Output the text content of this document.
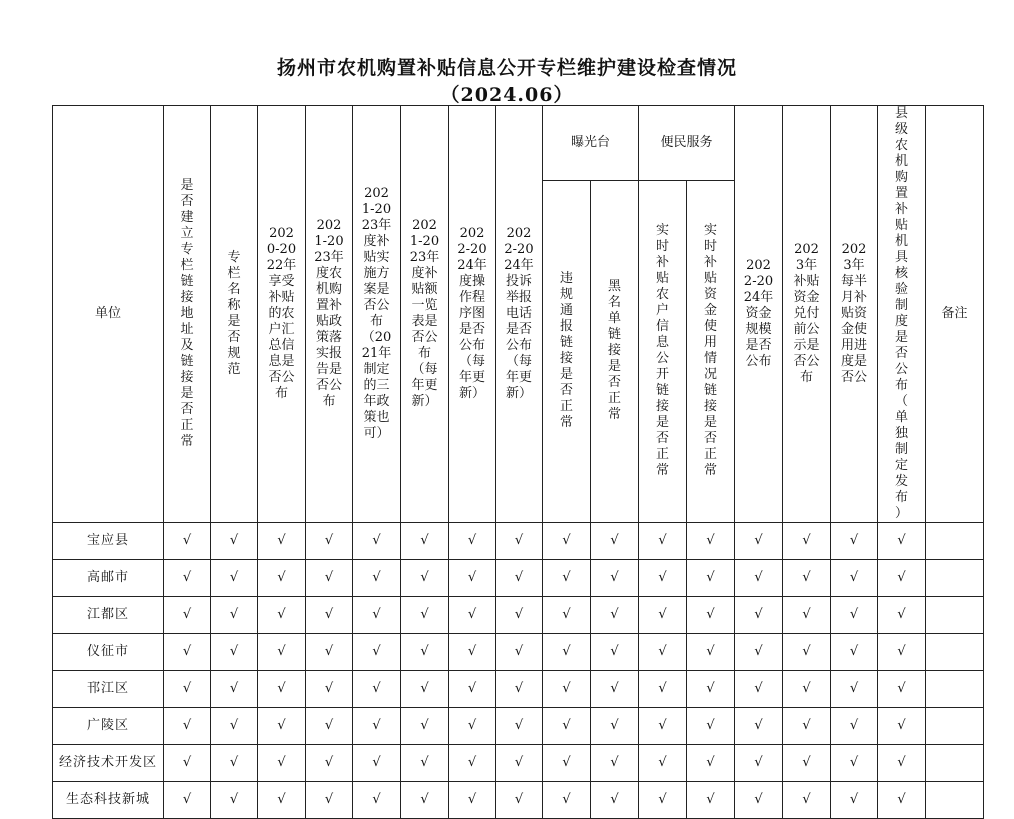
扬州市农机购置补贴信息公开专栏维护建设检查情况
（2024.06）
单位	是否建立专栏链接地址及链接是否正常	专栏名称是否规范	2020-2022年享受补贴的农户汇总信息是否公布	2021-2023年度农机购置补贴政策落实报告是否公布	2021-2023年度补贴实施方案是否公布（2021年制定的三年政策也可）	2021-2023年度补贴额一览表是否公布（每年更新）	2022-2024年度操作程序图是否公布（每年更新）	2022-2024年投诉举报电话是否公布（每年更新）	曝光台		便民服务		2022-2024年资金规模是否公布	2023年补贴资金兑付前公示是否公布	2023年每半月补贴资金使用进度是否公	县级农机购置补贴机具核验制度是否公布（单独制定发布）	备注

									违规通报链接是否正常	黑名单链接是否正常	实时补贴农户信息公开链接是否正常	实时补贴资金使用情况链接是否正常					

宝应县	√	√	√	√	√	√	√	√	√	√	√	√	√	√	√	√	
高邮市	√	√	√	√	√	√	√	√	√	√	√	√	√	√	√	√	
江都区	√	√	√	√	√	√	√	√	√	√	√	√	√	√	√	√	
仪征市	√	√	√	√	√	√	√	√	√	√	√	√	√	√	√	√	
邗江区	√	√	√	√	√	√	√	√	√	√	√	√	√	√	√	√	
广陵区	√	√	√	√	√	√	√	√	√	√	√	√	√	√	√	√	
经济技术开发区	√	√	√	√	√	√	√	√	√	√	√	√	√	√	√	√	
生态科技新城	√	√	√	√	√	√	√	√	√	√	√	√	√	√	√	√	
